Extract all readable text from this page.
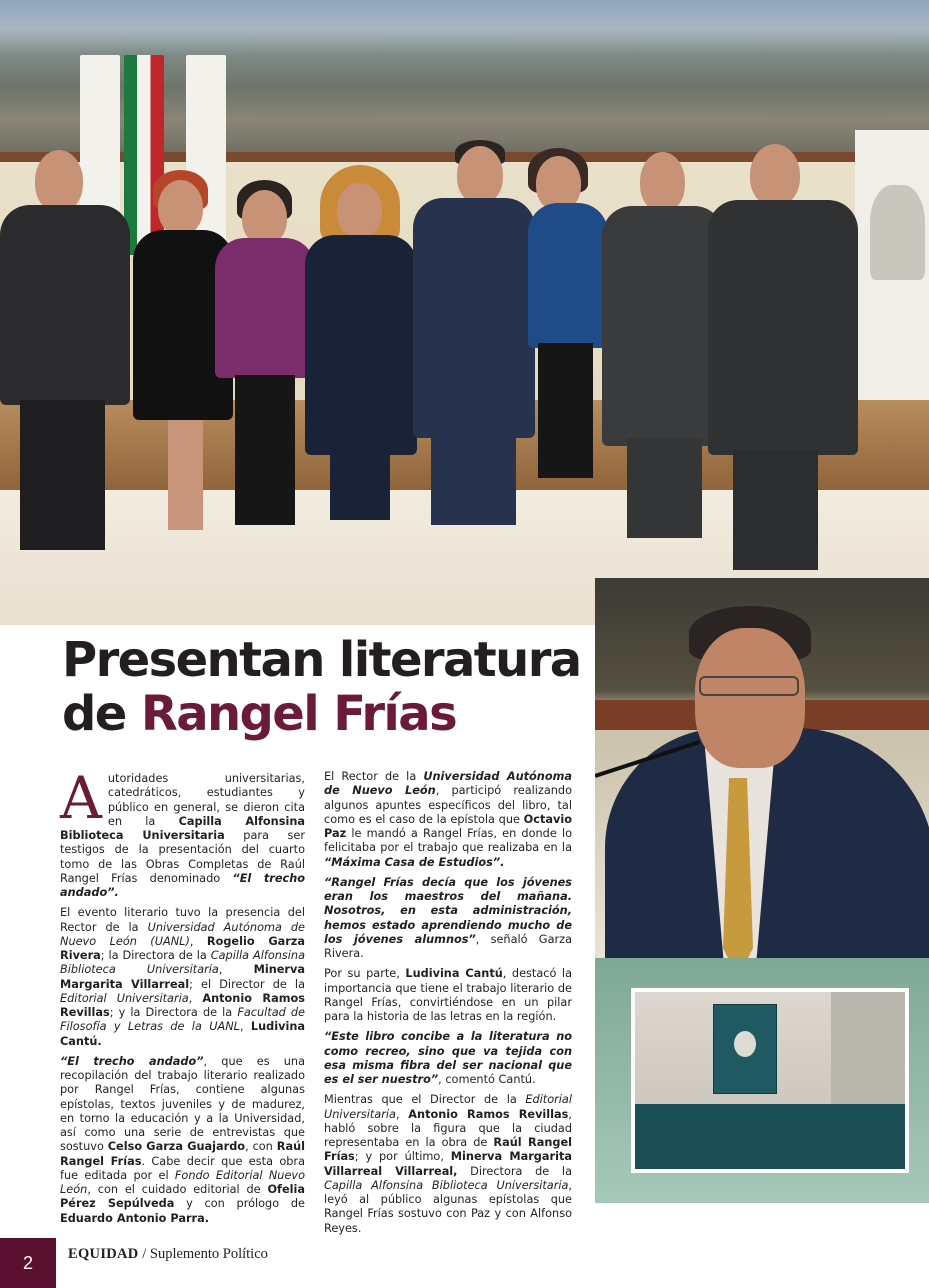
Presentan literatura
de Rangel Frías

Autoridades universitarias, catedráticos, estudiantes y público en general, se dieron cita en la Capilla Alfonsina Biblioteca Universitaria para ser testigos de la presentación del cuarto tomo de las Obras Completas de Raúl Rangel Frías denominado “El trecho andado”.

El evento literario tuvo la presencia del Rector de la Universidad Autónoma de Nuevo León (UANL), Rogelio Garza Rivera; la Directora de la Capilla Alfonsina Biblioteca Universitaria, Minerva Margarita Villarreal; el Director de la Editorial Universitaria, Antonio Ramos Revillas; y la Directora de la Facultad de Filosofía y Letras de la UANL, Ludivina Cantú.

“El trecho andado”, que es una recopilación del trabajo literario realizado por Rangel Frías, contiene algunas epístolas, textos juveniles y de madurez, en torno la educación y a la Universidad, así como una serie de entrevistas que sostuvo Celso Garza Guajardo, con Raúl Rangel Frías. Cabe decir que esta obra fue editada por el Fondo Editorial Nuevo León, con el cuidado editorial de Ofelia Pérez Sepúlveda y con prólogo de Eduardo Antonio Parra.

El Rector de la Universidad Autónoma de Nuevo León, participó realizando algunos apuntes específicos del libro, tal como es el caso de la epístola que Octavio Paz le mandó a Rangel Frías, en donde lo felicitaba por el trabajo que realizaba en la “Máxima Casa de Estudios”.

“Rangel Frías decía que los jóvenes eran los maestros del mañana. Nosotros, en esta administración, hemos estado aprendiendo mucho de los jóvenes alumnos”, señaló Garza Rivera.

Por su parte, Ludivina Cantú, destacó la importancia que tiene el trabajo literario de Rangel Frías, convirtiéndose en un pilar para la historia de las letras en la región.

“Este libro concibe a la literatura no como recreo, sino que va tejida con esa misma fibra del ser nacional que es el ser nuestro”, comentó Cantú.

Mientras que el Director de la Editorial Universitaria, Antonio Ramos Revillas, habló sobre la figura que la ciudad representaba en la obra de Raúl Rangel Frías; y por último, Minerva Margarita Villarreal Villarreal, Directora de la Capilla Alfonsina Biblioteca Universitaria, leyó al público algunas epístolas que Rangel Frías sostuvo con Paz y con Alfonso Reyes.

2	EQUIDAD / Suplemento Político
